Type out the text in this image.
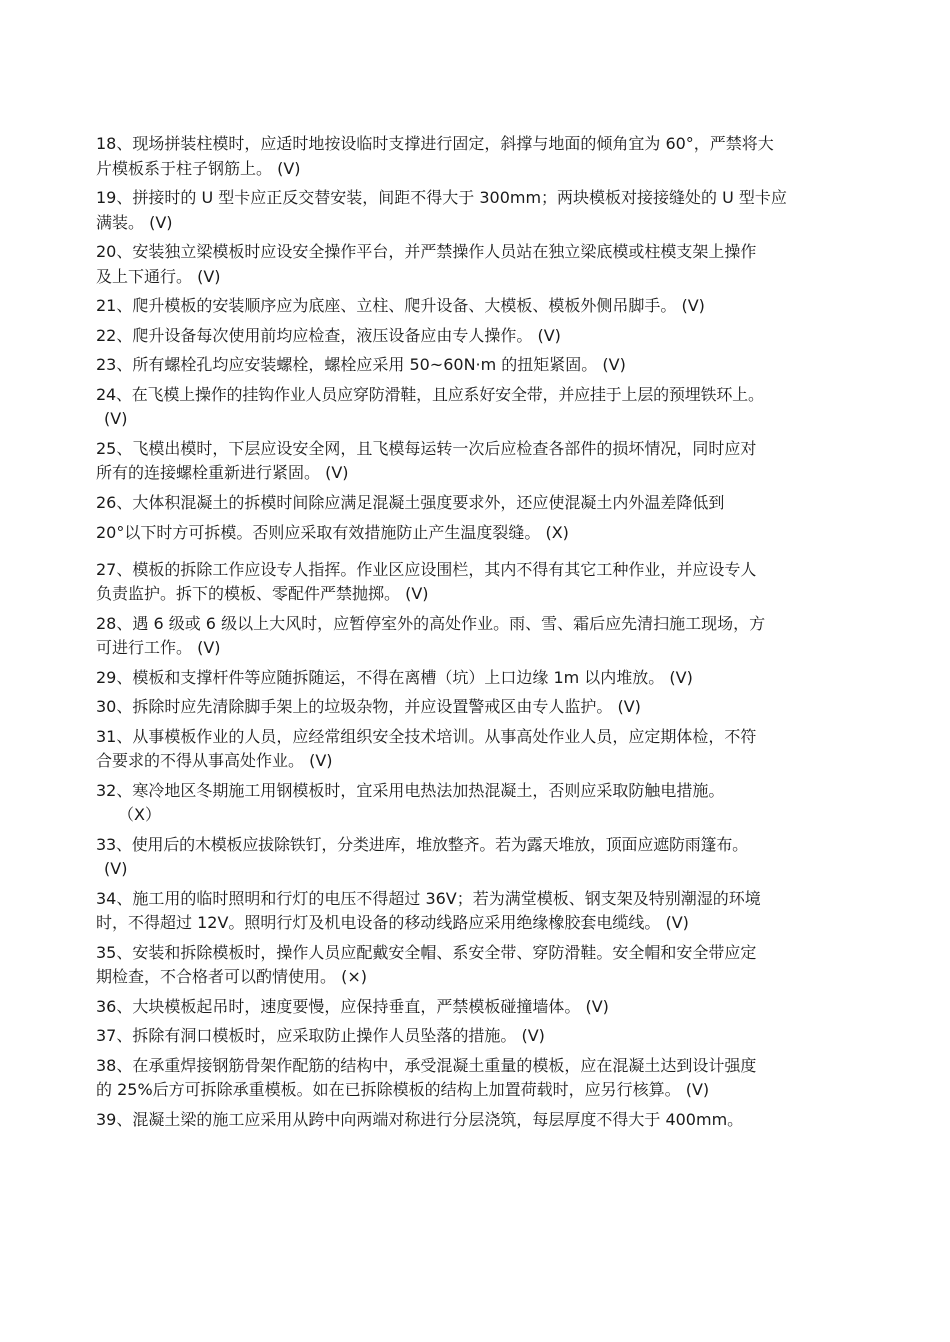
18、现场拼装柱模时，应适时地按设临时支撑进行固定，斜撑与地面的倾角宜为 60°，严禁将大
片模板系于柱子钢筋上。 (V)
19、拼接时的 U 型卡应正反交替安装，间距不得大于 300mm；两块模板对接接缝处的 U 型卡应
满装。 (V)
20、安装独立梁模板时应设安全操作平台，并严禁操作人员站在独立梁底模或柱模支架上操作
及上下通行。 (V)
21、爬升模板的安装顺序应为底座、立柱、爬升设备、大模板、模板外侧吊脚手。 (V)
22、爬升设备每次使用前均应检查，液压设备应由专人操作。 (V)
23、所有螺栓孔均应安装螺栓，螺栓应采用 50~60N·m 的扭矩紧固。 (V)
24、在飞模上操作的挂钩作业人员应穿防滑鞋，且应系好安全带，并应挂于上层的预埋铁环上。
(V)
25、飞模出模时，下层应设安全网，且飞模每运转一次后应检查各部件的损坏情况，同时应对
所有的连接螺栓重新进行紧固。 (V)
26、大体积混凝土的拆模时间除应满足混凝土强度要求外，还应使混凝土内外温差降低到
20°以下时方可拆模。否则应采取有效措施防止产生温度裂缝。 (X)
27、模板的拆除工作应设专人指挥。作业区应设围栏，其内不得有其它工种作业，并应设专人
负责监护。拆下的模板、零配件严禁抛掷。 (V)
28、遇 6 级或 6 级以上大风时，应暂停室外的高处作业。雨、雪、霜后应先清扫施工现场，方
可进行工作。 (V)
29、模板和支撑杆件等应随拆随运，不得在离槽（坑）上口边缘 1m 以内堆放。 (V)
30、拆除时应先清除脚手架上的垃圾杂物，并应设置警戒区由专人监护。 (V)
31、从事模板作业的人员，应经常组织安全技术培训。从事高处作业人员，应定期体检，不符
合要求的不得从事高处作业。 (V)
32、寒冷地区冬期施工用钢模板时，宜采用电热法加热混凝土，否则应采取防触电措施。
（X）
33、使用后的木模板应拔除铁钉，分类进库，堆放整齐。若为露天堆放，顶面应遮防雨篷布。
(V)
34、施工用的临时照明和行灯的电压不得超过 36V；若为满堂模板、钢支架及特别潮湿的环境
时，不得超过 12V。照明行灯及机电设备的移动线路应采用绝缘橡胶套电缆线。 (V)
35、安装和拆除模板时，操作人员应配戴安全帽、系安全带、穿防滑鞋。安全帽和安全带应定
期检查，不合格者可以酌情使用。 (×)
36、大块模板起吊时，速度要慢，应保持垂直，严禁模板碰撞墙体。 (V)
37、拆除有洞口模板时，应采取防止操作人员坠落的措施。 (V)
38、在承重焊接钢筋骨架作配筋的结构中，承受混凝土重量的模板，应在混凝土达到设计强度
的 25%后方可拆除承重模板。如在已拆除模板的结构上加置荷载时，应另行核算。 (V)
39、混凝土梁的施工应采用从跨中向两端对称进行分层浇筑，每层厚度不得大于 400mm。
